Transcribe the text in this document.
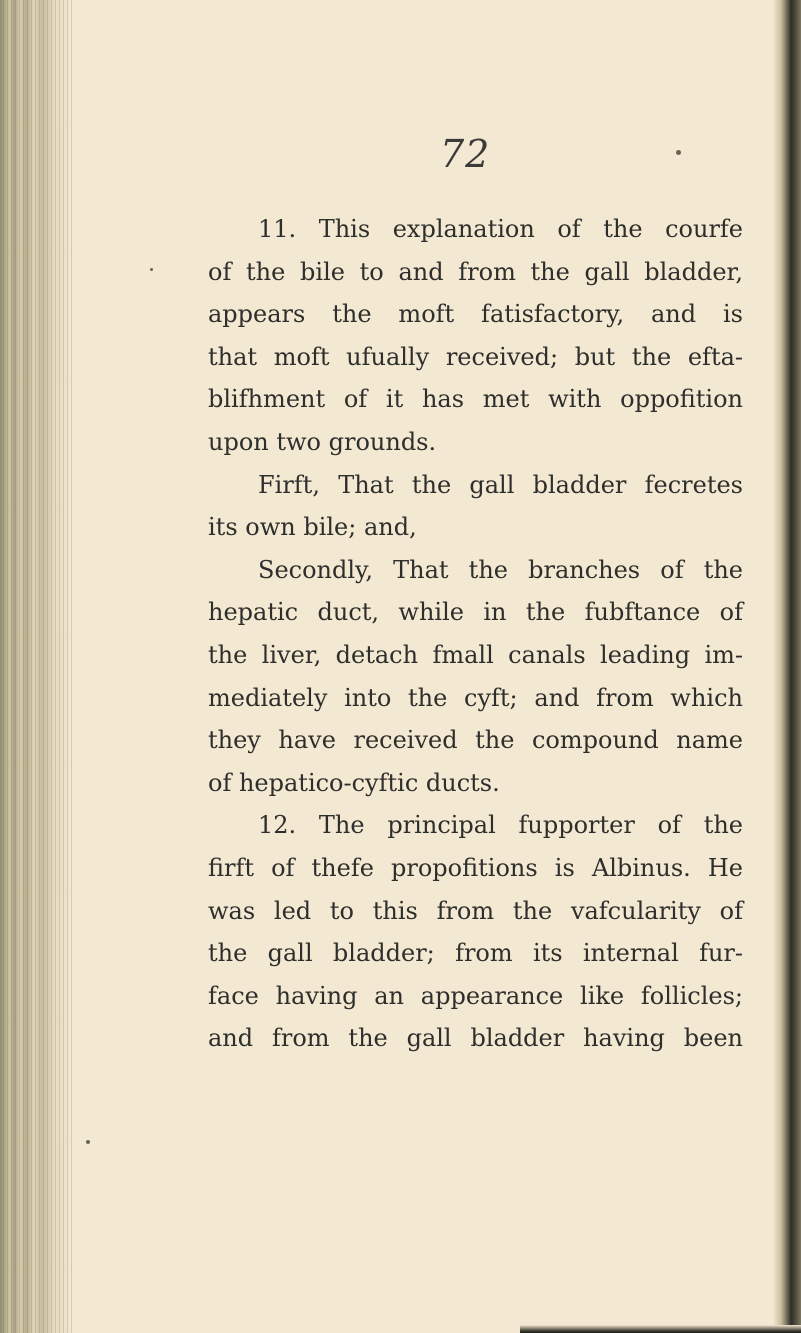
72
11. This explanation of the courfe
of the bile to and from the gall bladder,
appears the moft fatisfactory, and is
that moft ufually received; but the efta-
blifhment of it has met with oppofition
upon two grounds.
Firft, That the gall bladder fecretes
its own bile; and,
Secondly, That the branches of the
hepatic duct, while in the fubftance of
the liver, detach fmall canals leading im-
mediately into the cyft; and from which
they have received the compound name
of hepatico-cyftic ducts.
12. The principal fupporter of the
firft of thefe propofitions is Albinus. He
was led to this from the vafcularity of
the gall bladder; from its internal fur-
face having an appearance like follicles;
and from the gall bladder having been
